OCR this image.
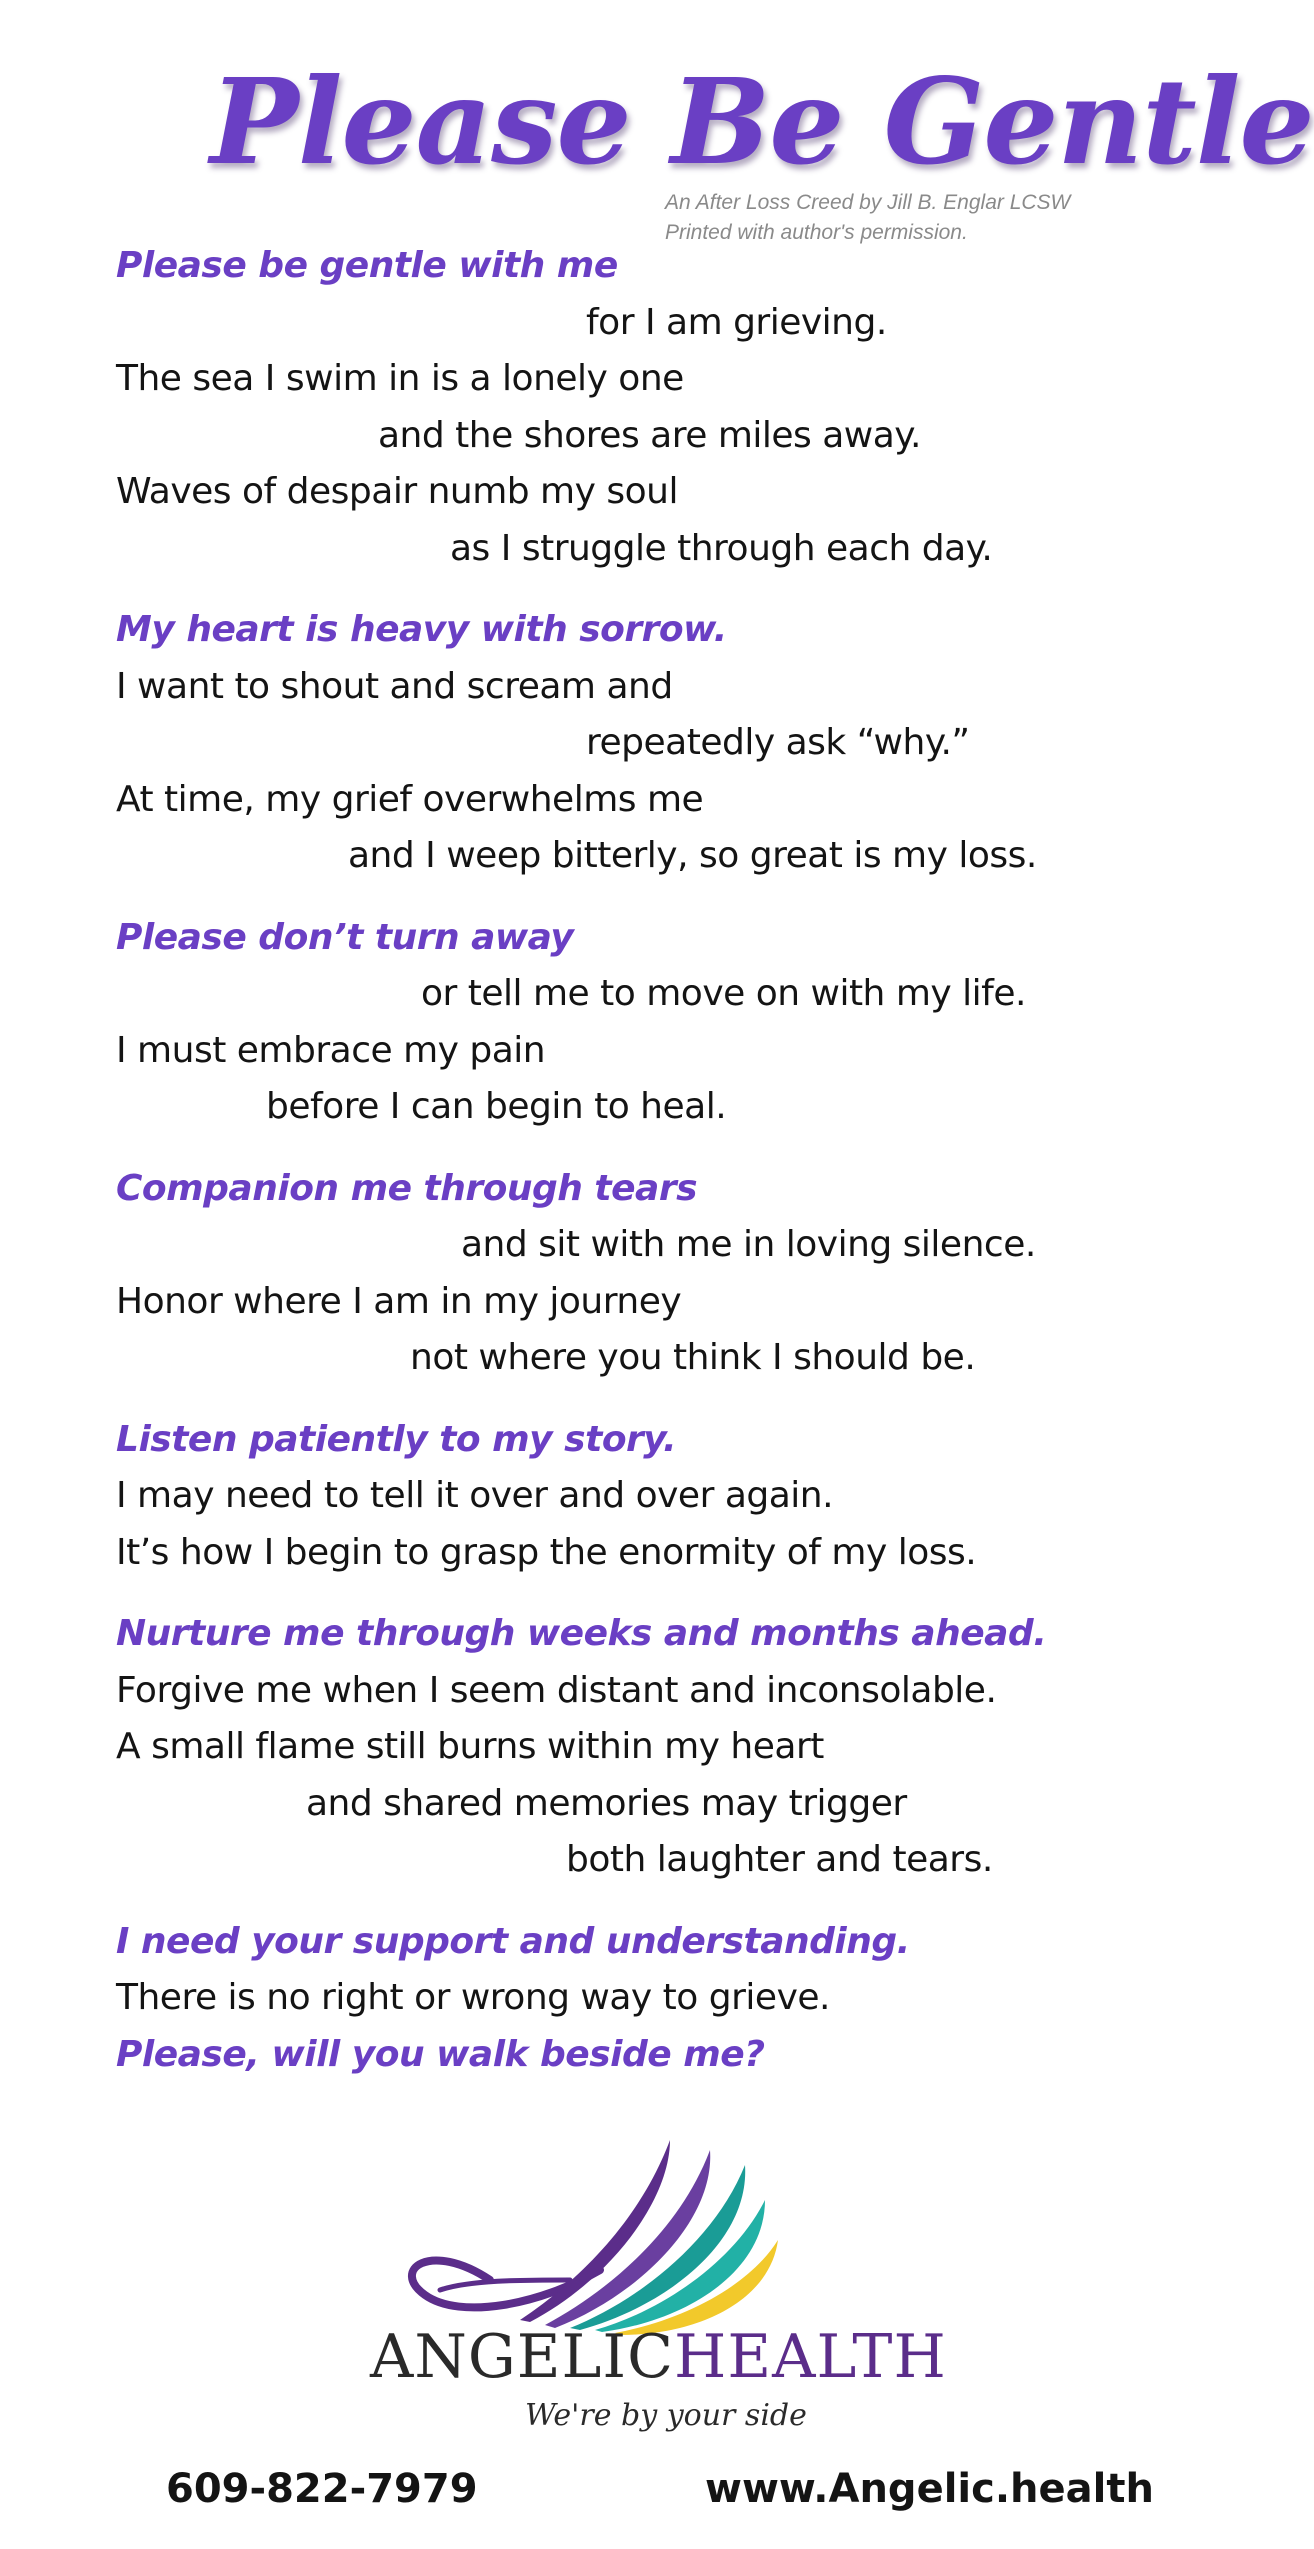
Please Be Gentle
An After Loss Creed by Jill B. Englar LCSW
Printed with author's permission.
Please be gentle with me
for I am grieving.
The sea I swim in is a lonely one
and the shores are miles away.
Waves of despair numb my soul
as I struggle through each day.
My heart is heavy with sorrow.
I want to shout and scream and
repeatedly ask “why.”
At time, my grief overwhelms me
and I weep bitterly, so great is my loss.
Please don’t turn away
or tell me to move on with my life.
I must embrace my pain
before I can begin to heal.
Companion me through tears
and sit with me in loving silence.
Honor where I am in my journey
not where you think I should be.
Listen patiently to my story.
I may need to tell it over and over again.
It’s how I begin to grasp the enormity of my loss.
Nurture me through weeks and months ahead.
Forgive me when I seem distant and inconsolable.
A small flame still burns within my heart
and shared memories may trigger
both laughter and tears.
I need your support and understanding.
There is no right or wrong way to grieve.
Please, will you walk beside me?
ANGELICHEALTH
We're by your side
609-822-7979	www.Angelic.health
